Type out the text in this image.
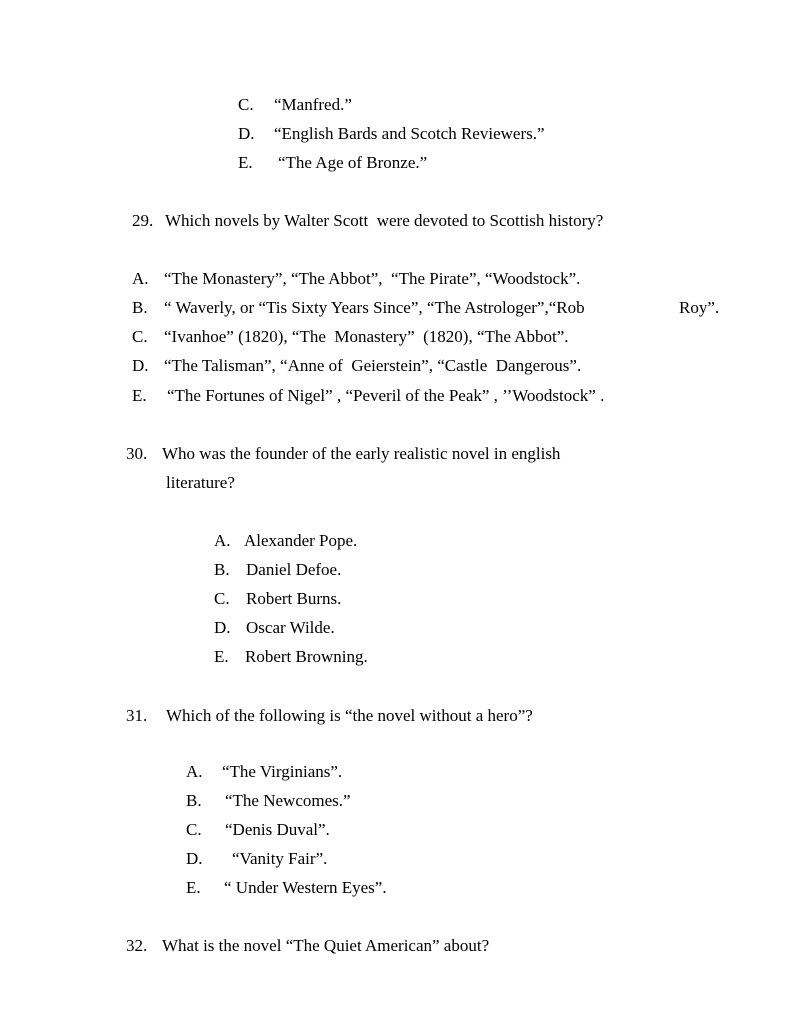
C. “Manfred.”

D. “English Bards and Scotch Reviewers.”

E. “The Age of Bronze.”

29. Which novels by Walter Scott  were devoted to Scottish history?

A. “The Monastery”, “The Abbot”,  “The Pirate”, “Woodstock”.

B. “ Waverly, or “Tis Sixty Years Since”, “The Astrologer”,“Rob
	Roy”.

C. “Ivanhoe” (1820), “The  Monastery”  (1820), “The Abbot”.

D. “The Talisman”, “Anne of  Geierstein”, “Castle  Dangerous”.

E. “The Fortunes of Nigel” , “Peveril of the Peak” , ’’Woodstock” .

30. Who was the founder of the early realistic novel in english

literature?

A. Alexander Pope.

B. Daniel Defoe.

C. Robert Burns.

D. Oscar Wilde.

E. Robert Browning.

31. Which of the following is “the novel without a hero”?

A. “The Virginians”.

B. “The Newcomes.”

C. “Denis Duval”.

D. “Vanity Fair”.

E. “ Under Western Eyes”.

32. What is the novel “The Quiet American” about?
